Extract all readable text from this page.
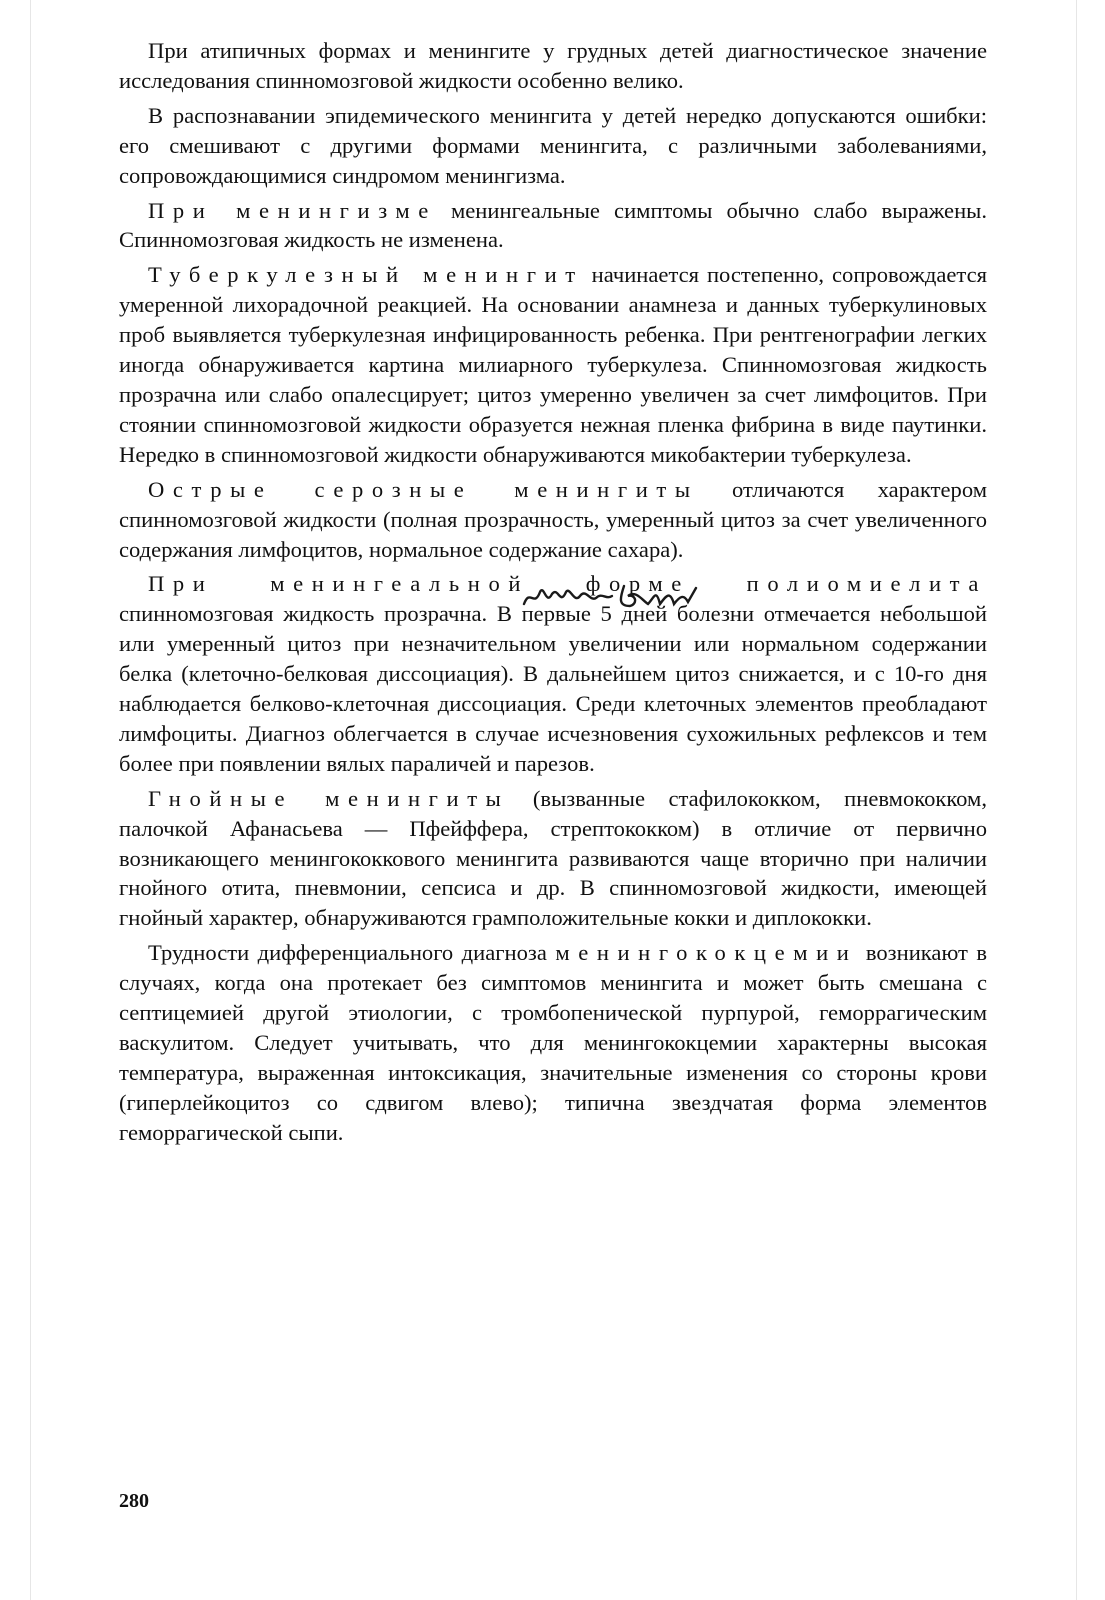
При атипичных формах и менингите у грудных детей диагностическое значение исследования спинномозговой жидкости особенно велико.

В распознавании эпидемического менингита у детей нередко допускаются ошибки: его смешивают с другими формами менингита, с различными заболеваниями, сопровождающимися синдромом менингизма.

При менингизме менингеальные симптомы обычно слабо выражены. Спинномозговая жидкость не изменена.

Туберкулезный менингит начинается постепенно, сопровождается умеренной лихорадочной реакцией. На основании анамнеза и данных туберкулиновых проб выявляется туберкулезная инфицированность ребенка. При рентгенографии легких иногда обнаруживается картина милиарного туберкулеза. Спинномозговая жидкость прозрачна или слабо опалесцирует; цитоз умеренно увеличен за счет лимфоцитов. При стоянии спинномозговой жидкости образуется нежная пленка фибрина в виде паутинки. Нередко в спинномозговой жидкости обнаруживаются микобактерии туберкулеза.

Острые серозные менингиты отличаются характером спинномозговой жидкости (полная прозрачность, умеренный цитоз за счет увеличенного содержания лимфоцитов, нормальное содержание сахара).

При менингеальной форме полиомиелита спинномозговая жидкость прозрачна. В первые 5 дней болезни отмечается небольшой или умеренный цитоз при незначительном увеличении или нормальном содержании белка (клеточно-белковая диссоциация). В дальнейшем цитоз снижается, и с 10-го дня наблюдается белково-клеточная диссоциация. Среди клеточных элементов преобладают лимфоциты. Диагноз облегчается в случае исчезновения сухожильных рефлексов и тем более при появлении вялых параличей и парезов.

Гнойные менингиты (вызванные стафилококком, пневмококком, палочкой Афанасьева — Пфейффера, стрептококком) в отличие от первично возникающего менингококкового менингита развиваются чаще вторично при наличии гнойного отита, пневмонии, сепсиса и др. В спинномозговой жидкости, имеющей гнойный характер, обнаруживаются грамположительные кокки и диплококки.

Трудности дифференциального диагноза менингококцемии возникают в случаях, когда она протекает без симптомов менингита и может быть смешана с септицемией другой этиологии, с тромбопенической пурпурой, геморрагическим васкулитом. Следует учитывать, что для менингококцемии характерны высокая температура, выраженная интоксикация, значительные изменения со стороны крови (гиперлейкоцитоз со сдвигом влево); типична звездчатая форма элементов геморрагической сыпи.

280
